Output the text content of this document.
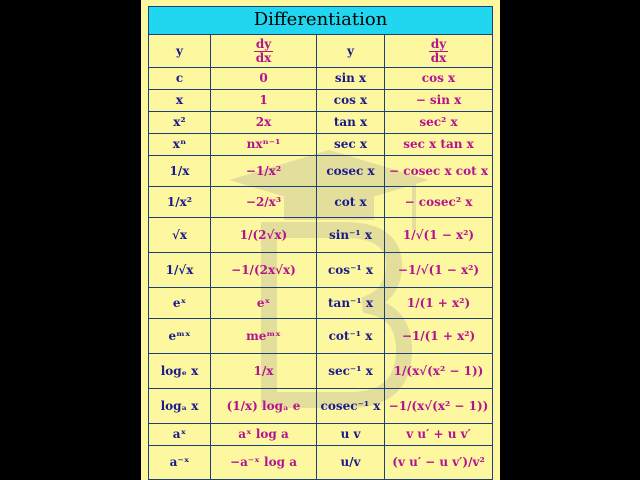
Differentiation			
y	$\frac{dy}{dx}$	y	$\frac{dy}{dx}$

c	0	sin x	cos x
x	1	cos x	− sin x
x²	2x	tan x	sec² x
xⁿ	nxⁿ⁻¹	sec x	sec x tan x
1/x	−1/x²	cosec x	− cosec x cot x
1/x²	−2/x³	cot x	− cosec² x
√x	1/(2√x)	sin⁻¹ x	1/√(1 − x²)
1/√x	−1/(2x√x)	cos⁻¹ x	−1/√(1 − x²)
eˣ	eˣ	tan⁻¹ x	1/(1 + x²)
eᵐˣ	meᵐˣ	cot⁻¹ x	−1/(1 + x²)
logₑ x	1/x	sec⁻¹ x	1/(x√(x² − 1))
logₐ x	(1/x) logₐ e	cosec⁻¹ x	−1/(x√(x² − 1))
aˣ	aˣ log a	u v	v u′ + u v′
a⁻ˣ	−a⁻ˣ log a	u/v	(v u′ − u v′)/v²
